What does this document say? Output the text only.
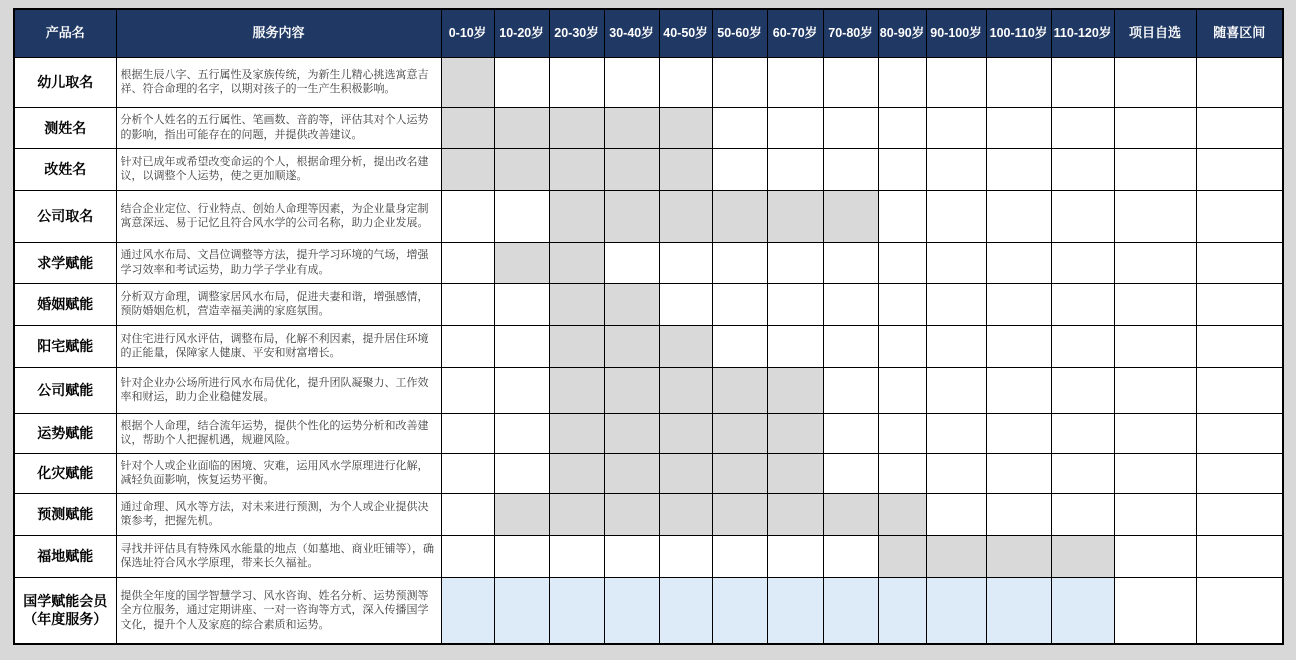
产品名	服务内容	0-10岁	10-20岁	20-30岁	30-40岁	40-50岁	50-60岁	60-70岁	70-80岁	80-90岁	90-100岁	100-110岁	110-120岁	项目自选	随喜区间
幼儿取名	根据生辰八字、五行属性及家族传统，为新生儿精心挑选寓意吉祥、符合命理的名字，以期对孩子的一生产生积极影响。														
测姓名	分析个人姓名的五行属性、笔画数、音韵等，评估其对个人运势的影响，指出可能存在的问题，并提供改善建议。														
改姓名	针对已成年或希望改变命运的个人，根据命理分析，提出改名建议，以调整个人运势，使之更加顺遂。														
公司取名	结合企业定位、行业特点、创始人命理等因素，为企业量身定制寓意深远、易于记忆且符合风水学的公司名称，助力企业发展。														
求学赋能	通过风水布局、文昌位调整等方法，提升学习环境的气场，增强学习效率和考试运势，助力学子学业有成。														
婚姻赋能	分析双方命理，调整家居风水布局，促进夫妻和谐，增强感情，预防婚姻危机，营造幸福美满的家庭氛围。														
阳宅赋能	对住宅进行风水评估，调整布局，化解不利因素，提升居住环境的正能量，保障家人健康、平安和财富增长。														
公司赋能	针对企业办公场所进行风水布局优化，提升团队凝聚力、工作效率和财运，助力企业稳健发展。														
运势赋能	根据个人命理，结合流年运势，提供个性化的运势分析和改善建议，帮助个人把握机遇，规避风险。														
化灾赋能	针对个人或企业面临的困境、灾难，运用风水学原理进行化解，减轻负面影响，恢复运势平衡。														
预测赋能	通过命理、风水等方法，对未来进行预测，为个人或企业提供决策参考，把握先机。														
福地赋能	寻找并评估具有特殊风水能量的地点（如墓地、商业旺铺等），确保选址符合风水学原理，带来长久福祉。														
国学赋能会员（年度服务）	提供全年度的国学智慧学习、风水咨询、姓名分析、运势预测等全方位服务，通过定期讲座、一对一咨询等方式，深入传播国学文化，提升个人及家庭的综合素质和运势。														
